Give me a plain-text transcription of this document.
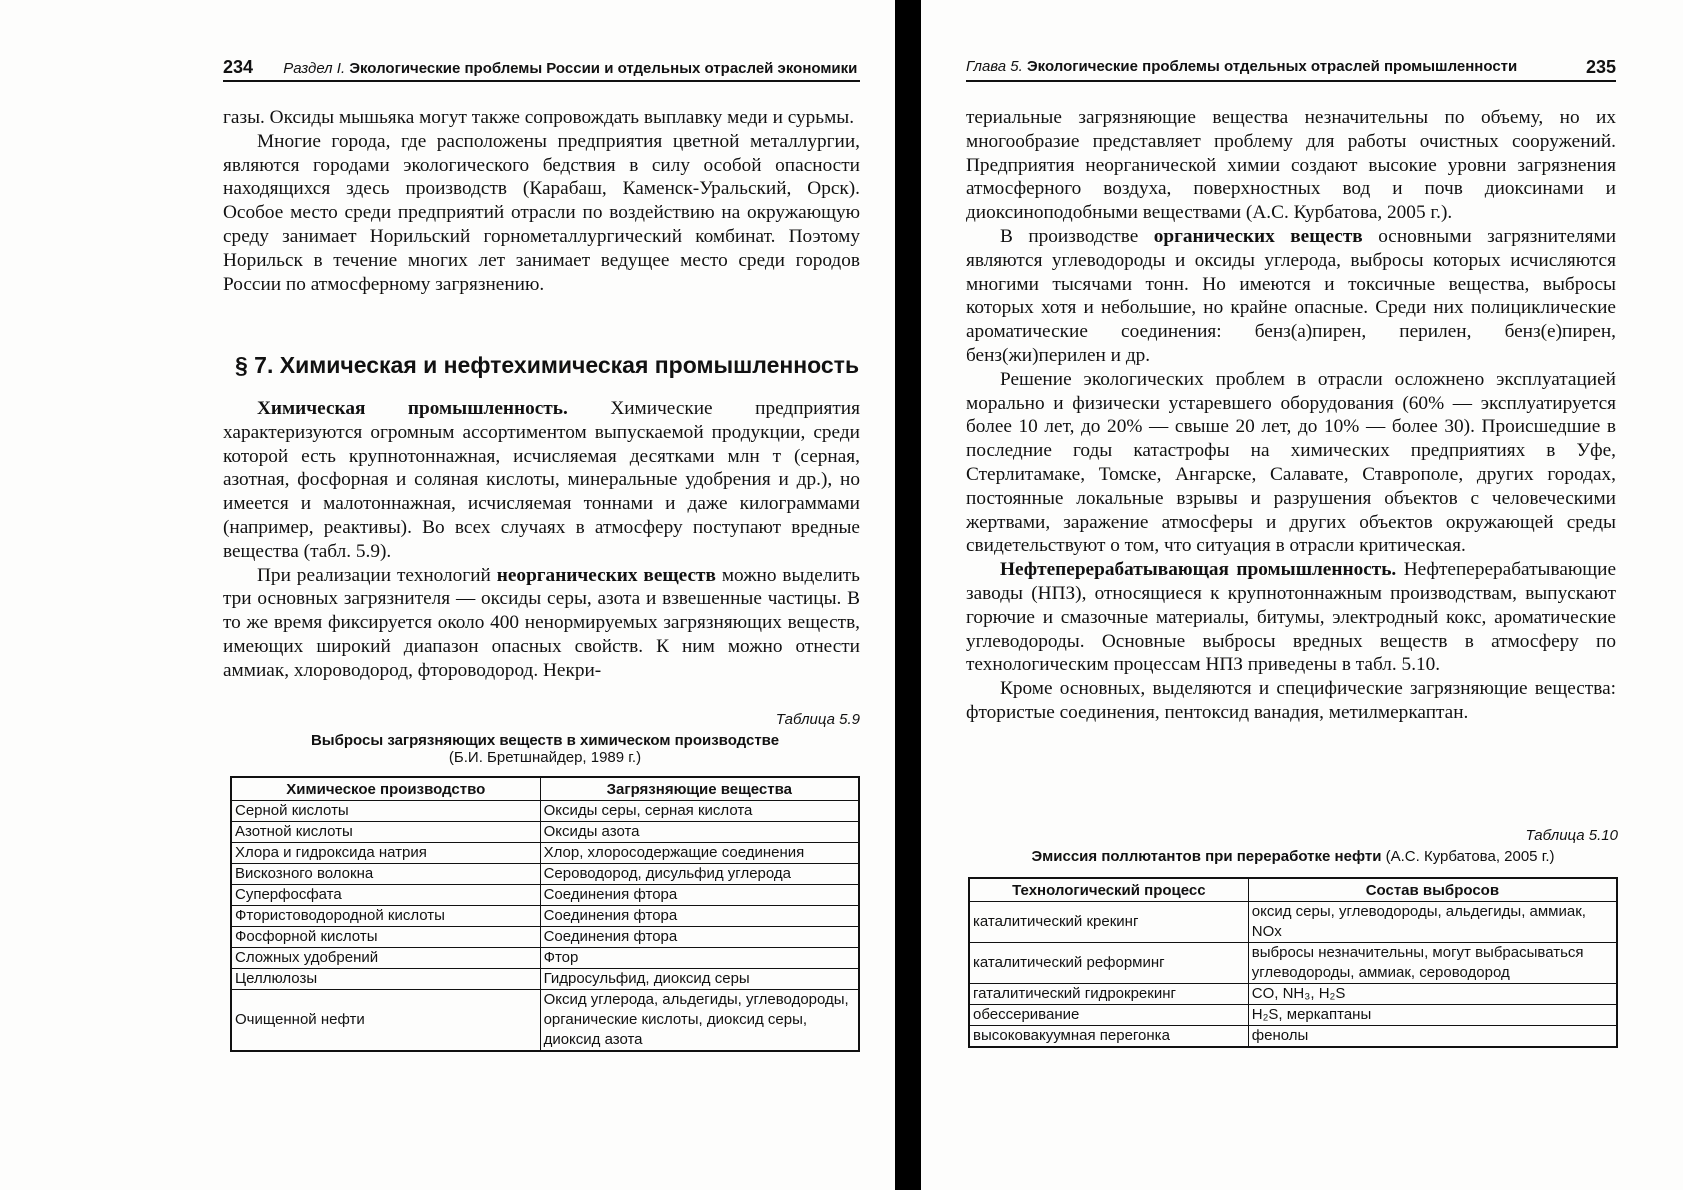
234 Раздел I. Экологические проблемы России и отдельных отраслей экономики

газы. Оксиды мышьяка могут также сопровождать выплавку меди и сурьмы.

Многие города, где расположены предприятия цветной металлургии, являются городами экологического бедствия в силу особой опасности находящихся здесь производств (Карабаш, Каменск-Уральский, Орск). Особое место среди предприятий отрасли по воздействию на окружающую среду занимает Норильский горнометаллургический комбинат. Поэтому Норильск в течение многих лет занимает ведущее место среди городов России по атмосферному загрязнению.

§ 7. Химическая и нефтехимическая промышленность

Химическая промышленность. Химические предприятия характеризуются огромным ассортиментом выпускаемой продукции, среди которой есть крупнотоннажная, исчисляемая десятками млн т (серная, азотная, фосфорная и соляная кислоты, минеральные удобрения и др.), но имеется и малотоннажная, исчисляемая тоннами и даже килограммами (например, реактивы). Во всех случаях в атмосферу поступают вредные вещества (табл. 5.9).

При реализации технологий неорганических веществ можно выделить три основных загрязнителя — оксиды серы, азота и взвешенные частицы. В то же время фиксируется около 400 ненормируемых загрязняющих веществ, имеющих широкий диапазон опасных свойств. К ним можно отнести аммиак, хлороводород, фтороводород. Некри-

Таблица 5.9
Выбросы загрязняющих веществ в химическом производстве
(Б.И. Бретшнайдер, 1989 г.)
Химическое производство	Загрязняющие вещества
Серной кислоты	Оксиды серы, серная кислота
Азотной кислоты	Оксиды азота
Хлора и гидроксида натрия	Хлор, хлоросодержащие соединения
Вискозного волокна	Сероводород, дисульфид углерода
Суперфосфата	Соединения фтора
Фтористоводородной кислоты	Соединения фтора
Фосфорной кислоты	Соединения фтора
Сложных удобрений	Фтор
Целлюлозы	Гидросульфид, диоксид серы
Очищенной нефти	Оксид углерода, альдегиды, углеводороды, органические кислоты, диоксид серы, диоксид азота
Глава 5. Экологические проблемы отдельных отраслей промышленности	235

териальные загрязняющие вещества незначительны по объему, но их многообразие представляет проблему для работы очистных сооружений. Предприятия неорганической химии создают высокие уровни загрязнения атмосферного воздуха, поверхностных вод и почв диоксинами и диоксиноподобными веществами (А.С. Курбатова, 2005 г.).

В производстве органических веществ основными загрязнителями являются углеводороды и оксиды углерода, выбросы которых исчисляются многими тысячами тонн. Но имеются и токсичные вещества, выбросы которых хотя и небольшие, но крайне опасные. Среди них полициклические ароматические соединения: бенз(а)пирен, перилен, бенз(е)пирен, бенз(жи)перилен и др.

Решение экологических проблем в отрасли осложнено эксплуатацией морально и физически устаревшего оборудования (60% — эксплуатируется более 10 лет, до 20% — свыше 20 лет, до 10% — более 30). Происшедшие в последние годы катастрофы на химических предприятиях в Уфе, Стерлитамаке, Томске, Ангарске, Салавате, Ставрополе, других городах, постоянные локальные взрывы и разрушения объектов с человеческими жертвами, заражение атмосферы и других объектов окружающей среды свидетельствуют о том, что ситуация в отрасли критическая.

Нефтеперерабатывающая промышленность. Нефтеперерабатывающие заводы (НПЗ), относящиеся к крупнотоннажным производствам, выпускают горючие и смазочные материалы, битумы, электродный кокс, ароматические углеводороды. Основные выбросы вредных веществ в атмосферу по технологическим процессам НПЗ приведены в табл. 5.10.

Кроме основных, выделяются и специфические загрязняющие вещества: фтористые соединения, пентоксид ванадия, метилмеркаптан.

Таблица 5.10
Эмиссия поллютантов при переработке нефти (А.С. Курбатова, 2005 г.)
Технологический процесс	Состав выбросов
каталитический крекинг	оксид серы, углеводороды, альдегиды, аммиак, NOx
каталитический реформинг	выбросы незначительны, могут выбрасываться углеводороды, аммиак, сероводород
гаталитический гидрокрекинг	CO, NH₃, H₂S
обессеривание	H₂S, меркаптаны
высоковакуумная перегонка	фенолы
